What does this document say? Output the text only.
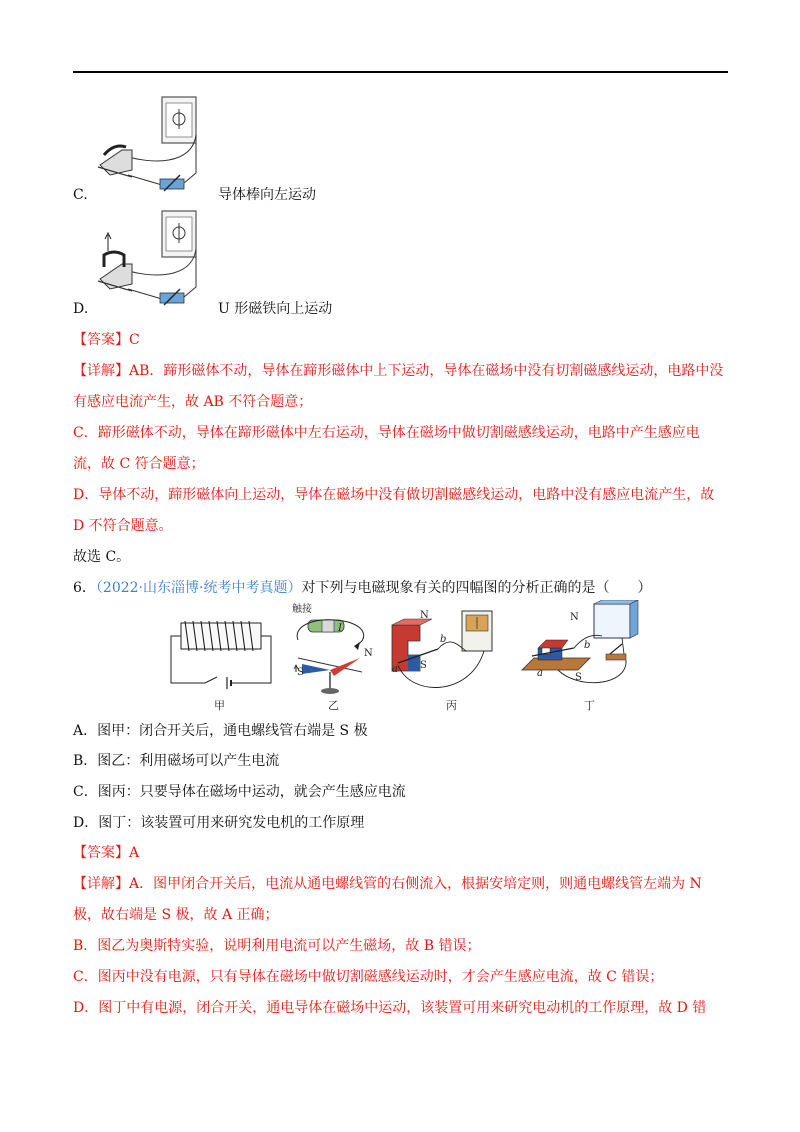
C.	导体棒向左运动
D.	U 形磁铁向上运动
【答案】C
【详解】AB．蹄形磁体不动，导体在蹄形磁体中上下运动，导体在磁场中没有切割磁感线运动，电路中没
有感应电流产生，故 AB 不符合题意；
C．蹄形磁体不动，导体在蹄形磁体中左右运动，导体在磁场中做切割磁感线运动，电路中产生感应电
流，故 C 符合题意；
D．导体不动，蹄形磁体向上运动，导体在磁场中没有做切割磁感线运动，电路中没有感应电流产生，故
D 不符合题意。
故选 C。
6．（2022·山东淄博·统考中考真题）对下列与电磁现象有关的四幅图的分析正确的是（　　）
甲
触接
I
N
S
乙
N
S
a
b
丙
N
S
a
b
丁
A．图甲：闭合开关后，通电螺线管右端是 S 极
B．图乙：利用磁场可以产生电流
C．图丙：只要导体在磁场中运动，就会产生感应电流
D．图丁：该装置可用来研究发电机的工作原理
【答案】A
【详解】A．图甲闭合开关后，电流从通电螺线管的右侧流入，根据安培定则，则通电螺线管左端为 N
极，故右端是 S 极，故 A 正确；
B．图乙为奥斯特实验，说明利用电流可以产生磁场，故 B 错误；
C．图丙中没有电源，只有导体在磁场中做切割磁感线运动时，才会产生感应电流，故 C 错误；
D．图丁中有电源，闭合开关，通电导体在磁场中运动，该装置可用来研究电动机的工作原理，故 D 错
